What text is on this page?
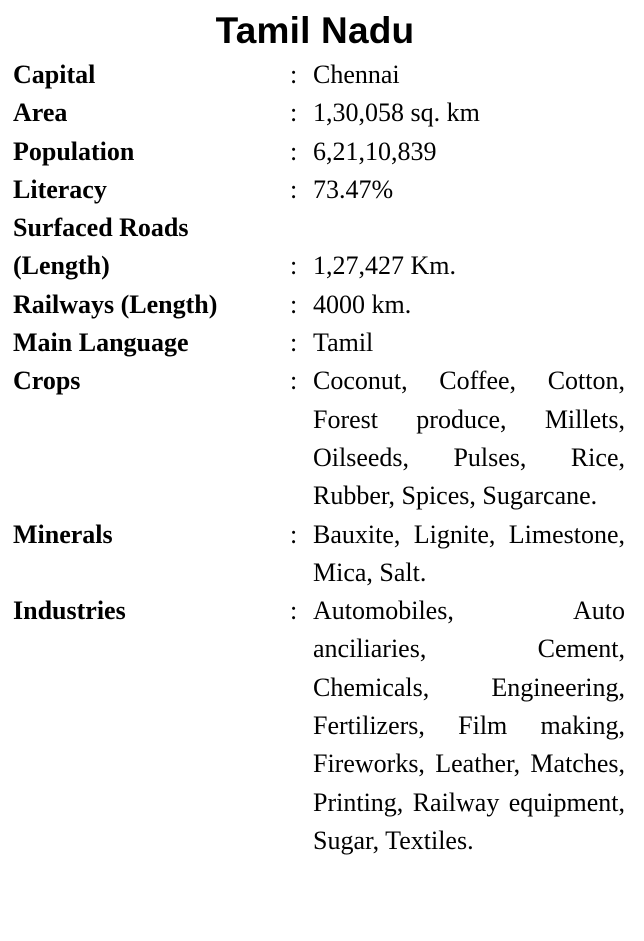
Tamil Nadu
Capital	: Chennai
Area	: 1,30,058 sq. km
Population	: 6,21,10,839
Literacy	: 73.47%
Surfaced Roads
(Length)	: 1,27,427 Km.
Railways (Length)	: 4000 km.
Main Language	: Tamil
Crops	: Coconut, Coffee, Cotton, Forest produce, Millets, Oilseeds, Pulses, Rice, Rubber, Spices, Sugarcane.
Minerals	: Bauxite, Lignite, Limestone, Mica, Salt.
Industries	: Automobiles, Auto anciliaries, Cement, Chemicals, Engineering, Fertilizers, Film making, Fireworks, Leather, Matches, Printing, Railway equipment, Sugar, Textiles.
